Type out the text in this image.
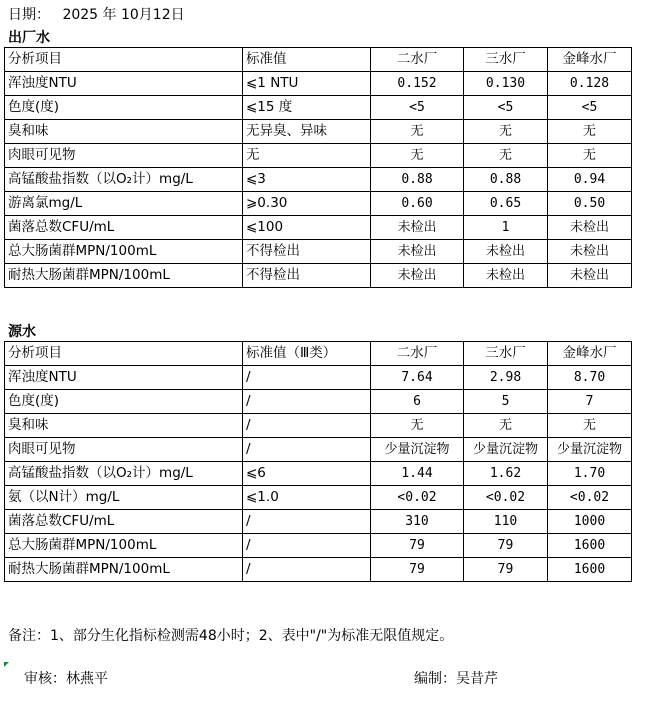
日期： 2025 年 10月12日
出厂水
分析项目	标准值	二水厂	三水厂	金峰水厂
浑浊度NTU	⩽1 NTU	0.152	0.130	0.128
色度(度)	⩽15 度	<5	<5	<5
臭和味	无异臭、异味	无	无	无
肉眼可见物	无	无	无	无
高锰酸盐指数（以O₂计）mg/L	⩽3	0.88	0.88	0.94
游离氯mg/L	⩾0.30	0.60	0.65	0.50
菌落总数CFU/mL	⩽100	未检出	1	未检出
总大肠菌群MPN/100mL	不得检出	未检出	未检出	未检出
耐热大肠菌群MPN/100mL	不得检出	未检出	未检出	未检出
源水
分析项目	标准值（Ⅲ类）	二水厂	三水厂	金峰水厂
浑浊度NTU	/	7.64	2.98	8.70
色度(度)	/	6	5	7
臭和味	/	无	无	无
肉眼可见物	/	少量沉淀物	少量沉淀物	少量沉淀物
高锰酸盐指数（以O₂计）mg/L	⩽6	1.44	1.62	1.70
氨（以N计）mg/L	⩽1.0	<0.02	<0.02	<0.02
菌落总数CFU/mL	/	310	110	1000
总大肠菌群MPN/100mL	/	79	79	1600
耐热大肠菌群MPN/100mL	/	79	79	1600
备注：1、部分生化指标检测需48小时；2、表中"/"为标准无限值规定。
审核：林燕平	编制：吴昔芹
